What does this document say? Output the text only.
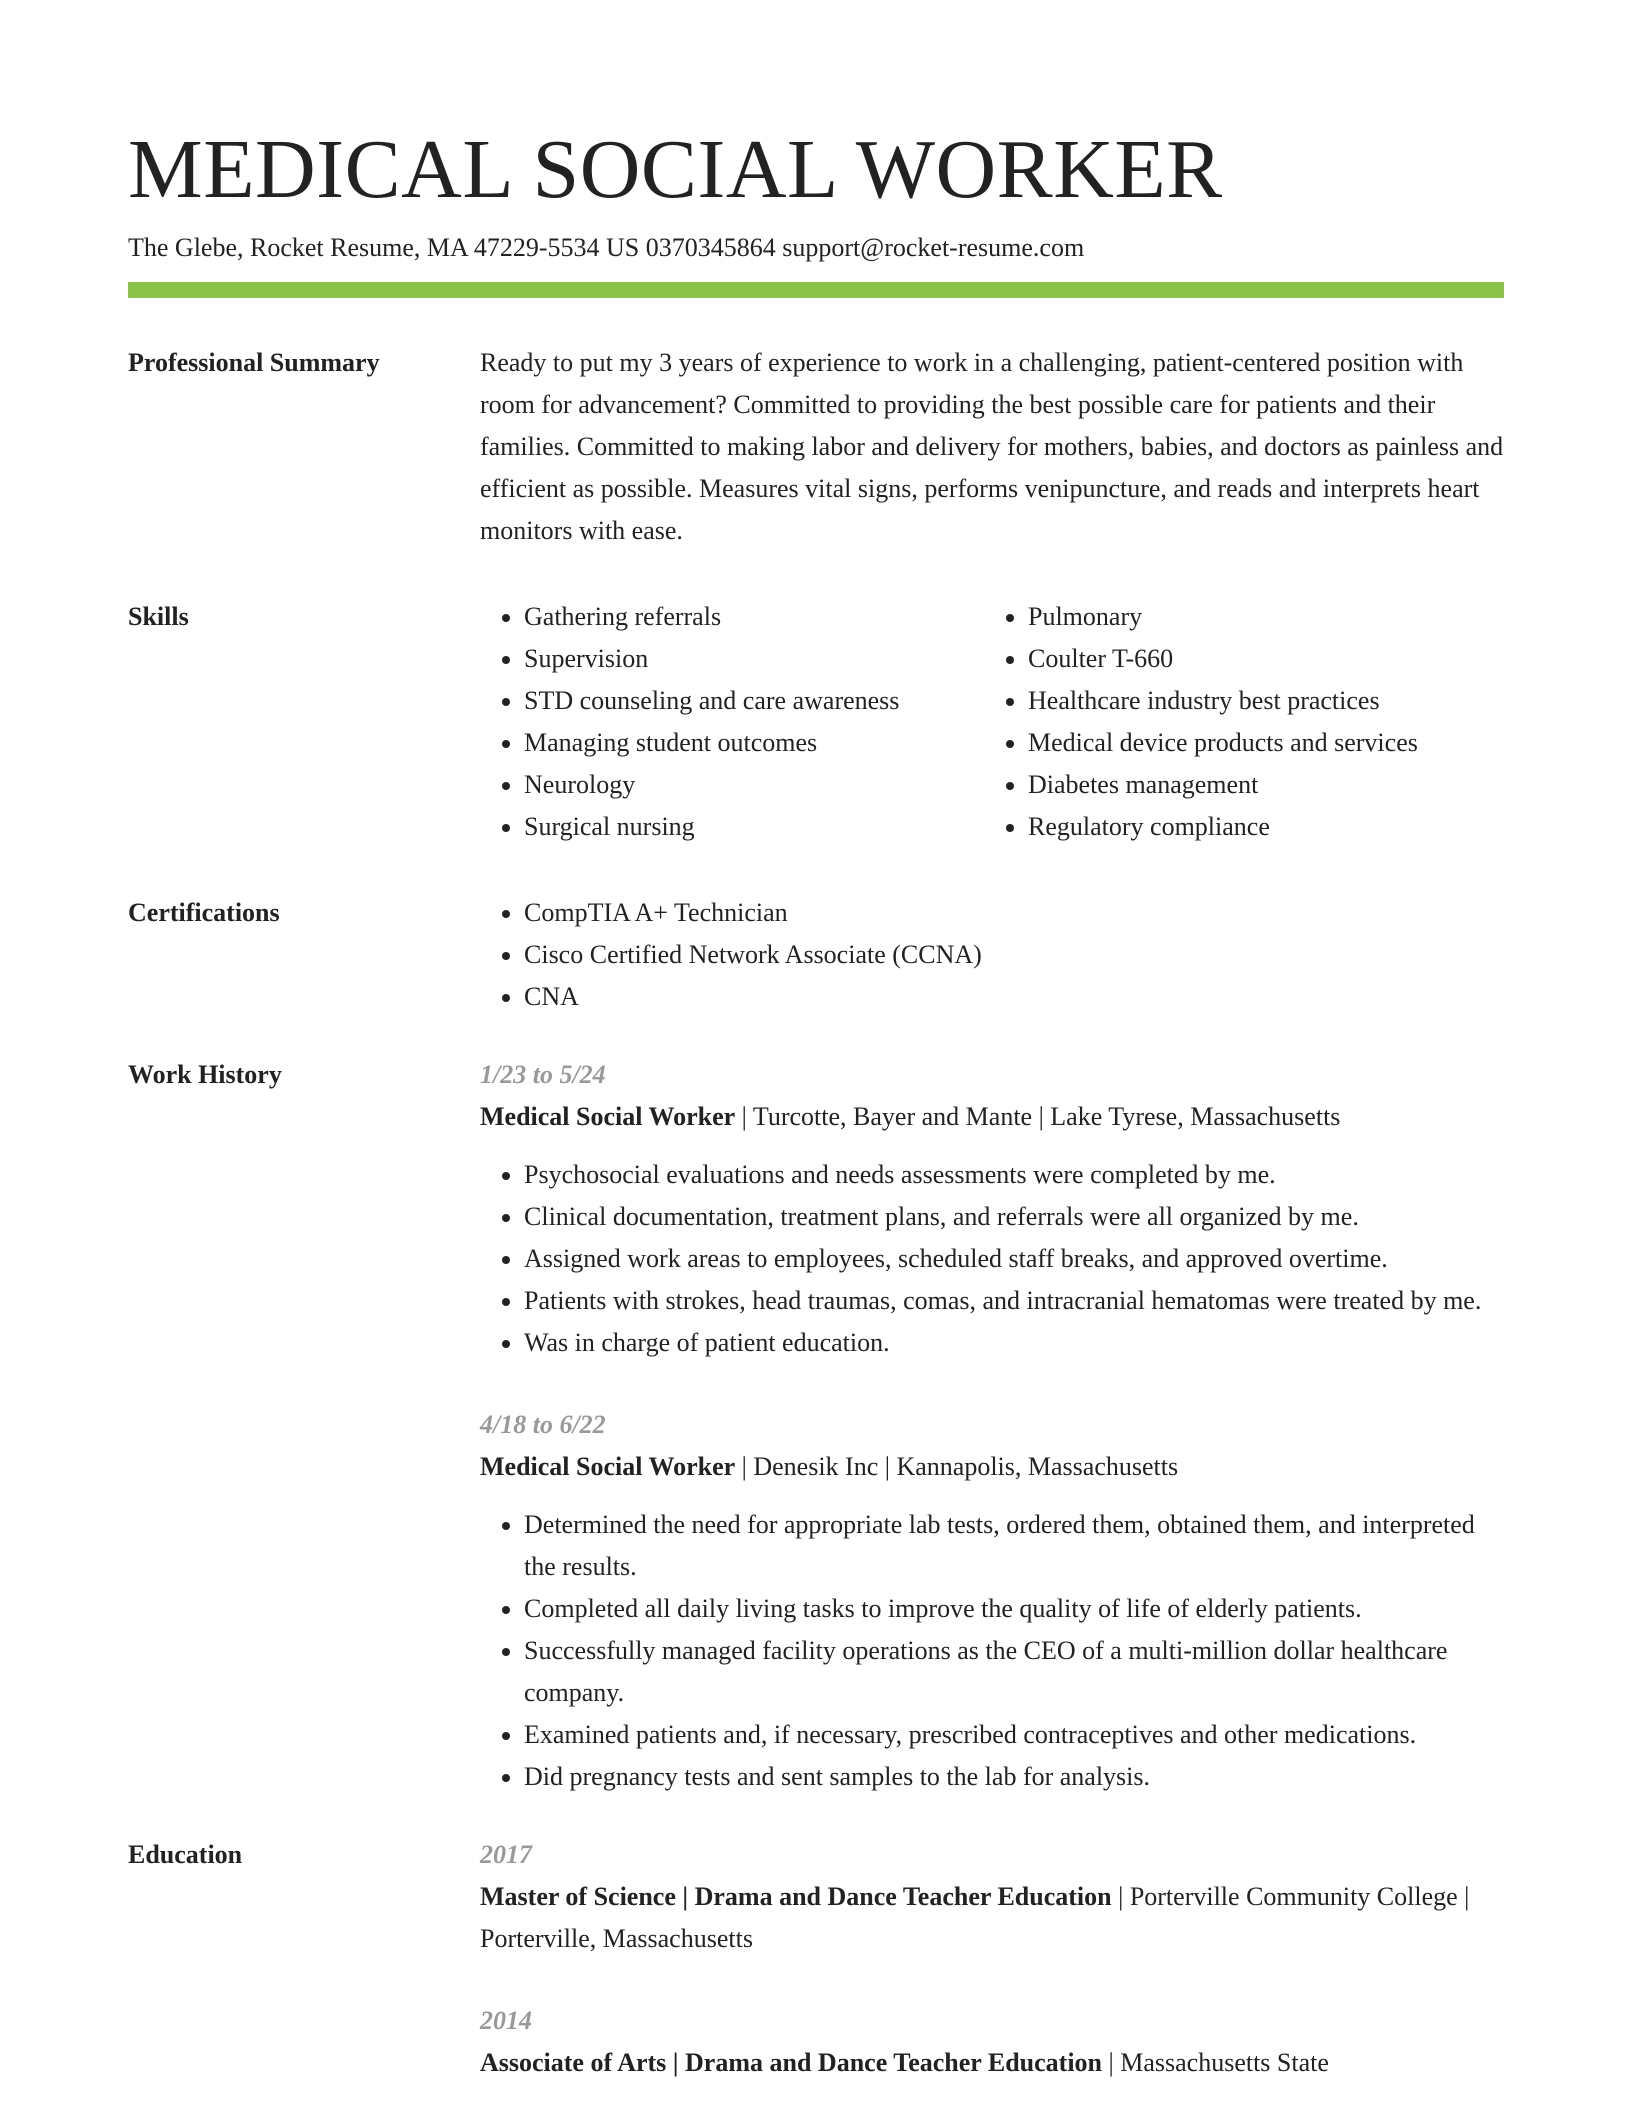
MEDICAL SOCIAL WORKER
The Glebe, Rocket Resume, MA 47229-5534 US 0370345864 support@rocket-resume.com
Professional Summary	Ready to put my 3 years of experience to work in a challenging, patient-centered position with room for advancement? Committed to providing the best possible care for patients and their families. Committed to making labor and delivery for mothers, babies, and doctors as painless and efficient as possible. Measures vital signs, performs venipuncture, and reads and interprets heart monitors with ease.

Skills	• Gathering referrals
• Supervision
• STD counseling and care awareness
• Managing student outcomes
• Neurology
• Surgical nursing
• Pulmonary
• Coulter T-660
• Healthcare industry best practices
• Medical device products and services
• Diabetes management
• Regulatory compliance
Certifications	• CompTIA A+ Technician
• Cisco Certified Network Associate (CCNA)
• CNA
Work History	1/23 to 5/24
Medical Social Worker | Turcotte, Bayer and Mante | Lake Tyrese, Massachusetts
• Psychosocial evaluations and needs assessments were completed by me.
• Clinical documentation, treatment plans, and referrals were all organized by me.
• Assigned work areas to employees, scheduled staff breaks, and approved overtime.
• Patients with strokes, head traumas, comas, and intracranial hematomas were treated by me.
• Was in charge of patient education.
4/18 to 6/22
Medical Social Worker | Denesik Inc | Kannapolis, Massachusetts
• Determined the need for appropriate lab tests, ordered them, obtained them, and interpreted the results.
• Completed all daily living tasks to improve the quality of life of elderly patients.
• Successfully managed facility operations as the CEO of a multi-million dollar healthcare company.
• Examined patients and, if necessary, prescribed contraceptives and other medications.
• Did pregnancy tests and sent samples to the lab for analysis.
Education	2017
Master of Science | Drama and Dance Teacher Education | Porterville Community College | Porterville, Massachusetts
2014
Associate of Arts | Drama and Dance Teacher Education | Massachusetts State
